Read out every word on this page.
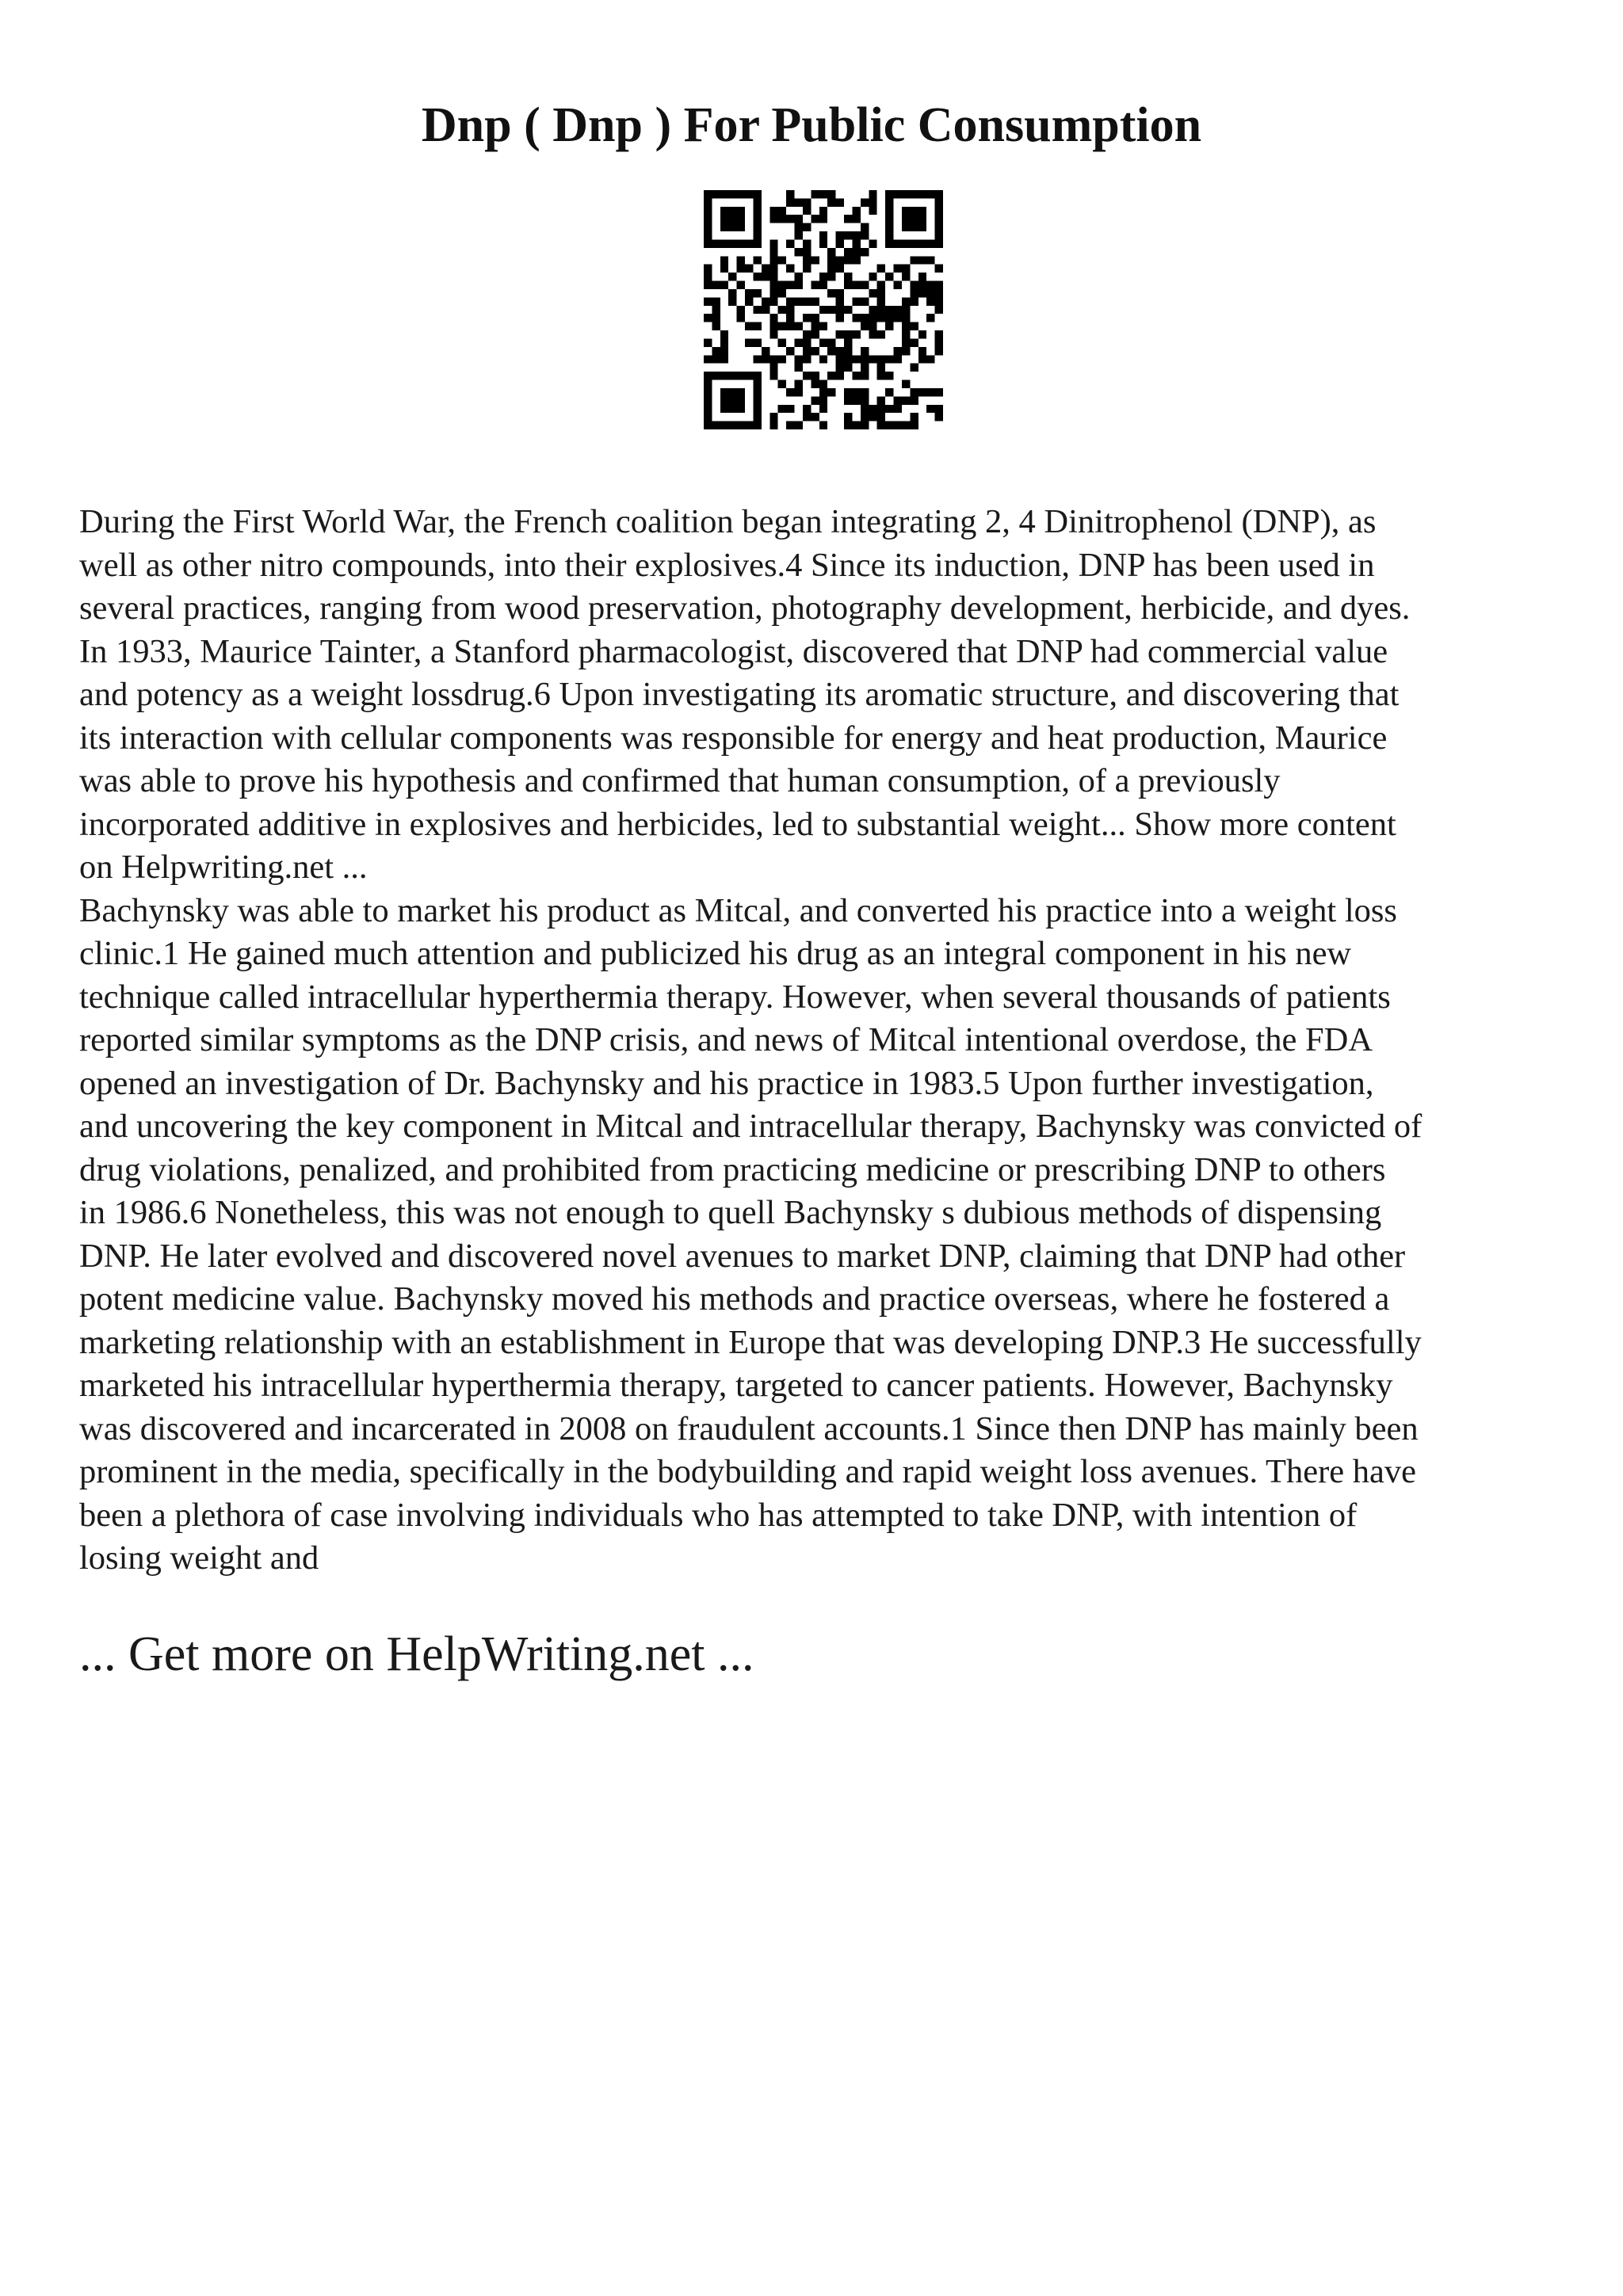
Dnp ( Dnp ) For Public Consumption

During the First World War, the French coalition began integrating 2, 4 Dinitrophenol (DNP), as
well as other nitro compounds, into their explosives.4 Since its induction, DNP has been used in
several practices, ranging from wood preservation, photography development, herbicide, and dyes.
In 1933, Maurice Tainter, a Stanford pharmacologist, discovered that DNP had commercial value
and potency as a weight lossdrug.6 Upon investigating its aromatic structure, and discovering that
its interaction with cellular components was responsible for energy and heat production, Maurice
was able to prove his hypothesis and confirmed that human consumption, of a previously
incorporated additive in explosives and herbicides, led to substantial weight... Show more content
on Helpwriting.net ...

Bachynsky was able to market his product as Mitcal, and converted his practice into a weight loss
clinic.1 He gained much attention and publicized his drug as an integral component in his new
technique called intracellular hyperthermia therapy. However, when several thousands of patients
reported similar symptoms as the DNP crisis, and news of Mitcal intentional overdose, the FDA
opened an investigation of Dr. Bachynsky and his practice in 1983.5 Upon further investigation,
and uncovering the key component in Mitcal and intracellular therapy, Bachynsky was convicted of
drug violations, penalized, and prohibited from practicing medicine or prescribing DNP to others
in 1986.6 Nonetheless, this was not enough to quell Bachynsky s dubious methods of dispensing
DNP. He later evolved and discovered novel avenues to market DNP, claiming that DNP had other
potent medicine value. Bachynsky moved his methods and practice overseas, where he fostered a
marketing relationship with an establishment in Europe that was developing DNP.3 He successfully
marketed his intracellular hyperthermia therapy, targeted to cancer patients. However, Bachynsky
was discovered and incarcerated in 2008 on fraudulent accounts.1 Since then DNP has mainly been
prominent in the media, specifically in the bodybuilding and rapid weight loss avenues. There have
been a plethora of case involving individuals who has attempted to take DNP, with intention of
losing weight and

... Get more on HelpWriting.net ...
